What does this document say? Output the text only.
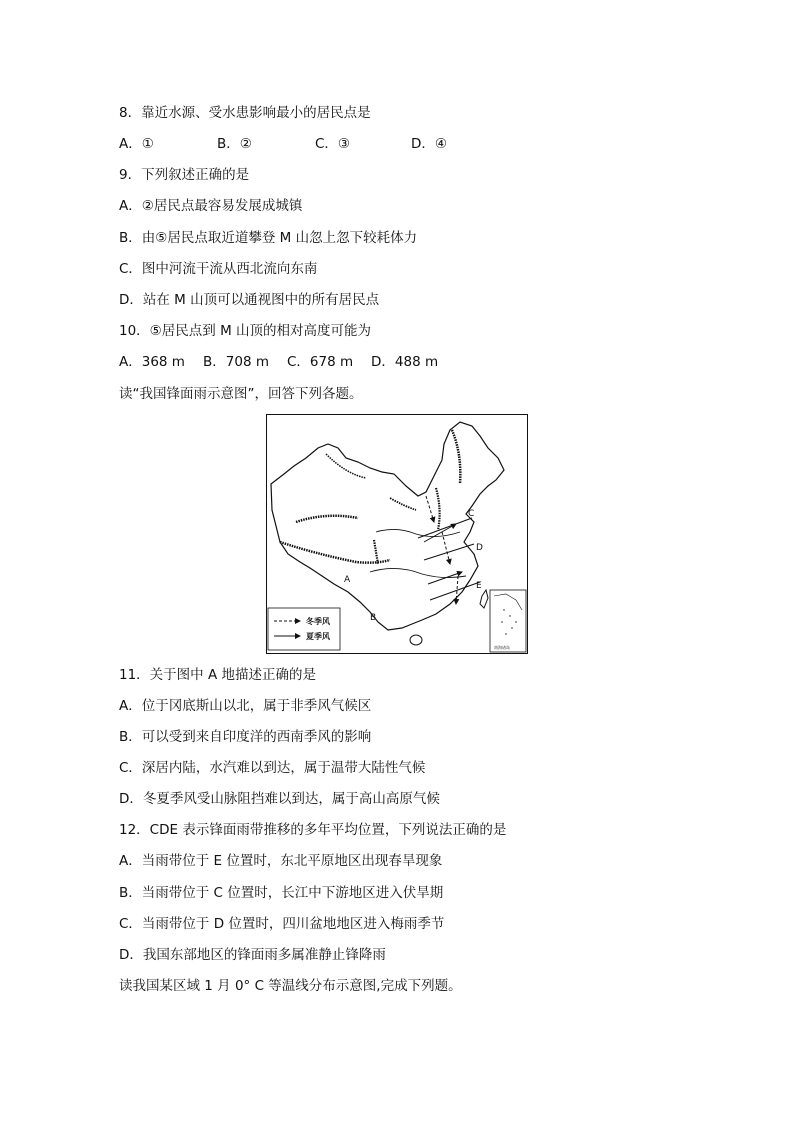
8．靠近水源、受水患影响最小的居民点是
A．①	B．②	C．③	D．④
9．下列叙述正确的是
A．②居民点最容易发展成城镇
B．由⑤居民点取近道攀登 M 山忽上忽下较耗体力
C．图中河流干流从西北流向东南
D．站在 M 山顶可以通视图中的所有居民点
10．⑤居民点到 M 山顶的相对高度可能为
A．368 m B．708 m C．678 m D．488 m
读“我国锋面雨示意图”，回答下列各题。
C
D
E
A
B
冬季风
夏季风
南海诸岛
11．关于图中 A 地描述正确的是
A．位于冈底斯山以北，属于非季风气候区
B．可以受到来自印度洋的西南季风的影响
C．深居内陆，水汽难以到达，属于温带大陆性气候
D．冬夏季风受山脉阻挡难以到达，属于高山高原气候
12．CDE 表示锋面雨带推移的多年平均位置，下列说法正确的是
A．当雨带位于 E 位置时，东北平原地区出现春旱现象
B．当雨带位于 C 位置时，长江中下游地区进入伏旱期
C．当雨带位于 D 位置时，四川盆地地区进入梅雨季节
D．我国东部地区的锋面雨多属准静止锋降雨
读我国某区域 1 月 0° C 等温线分布示意图,完成下列题。
